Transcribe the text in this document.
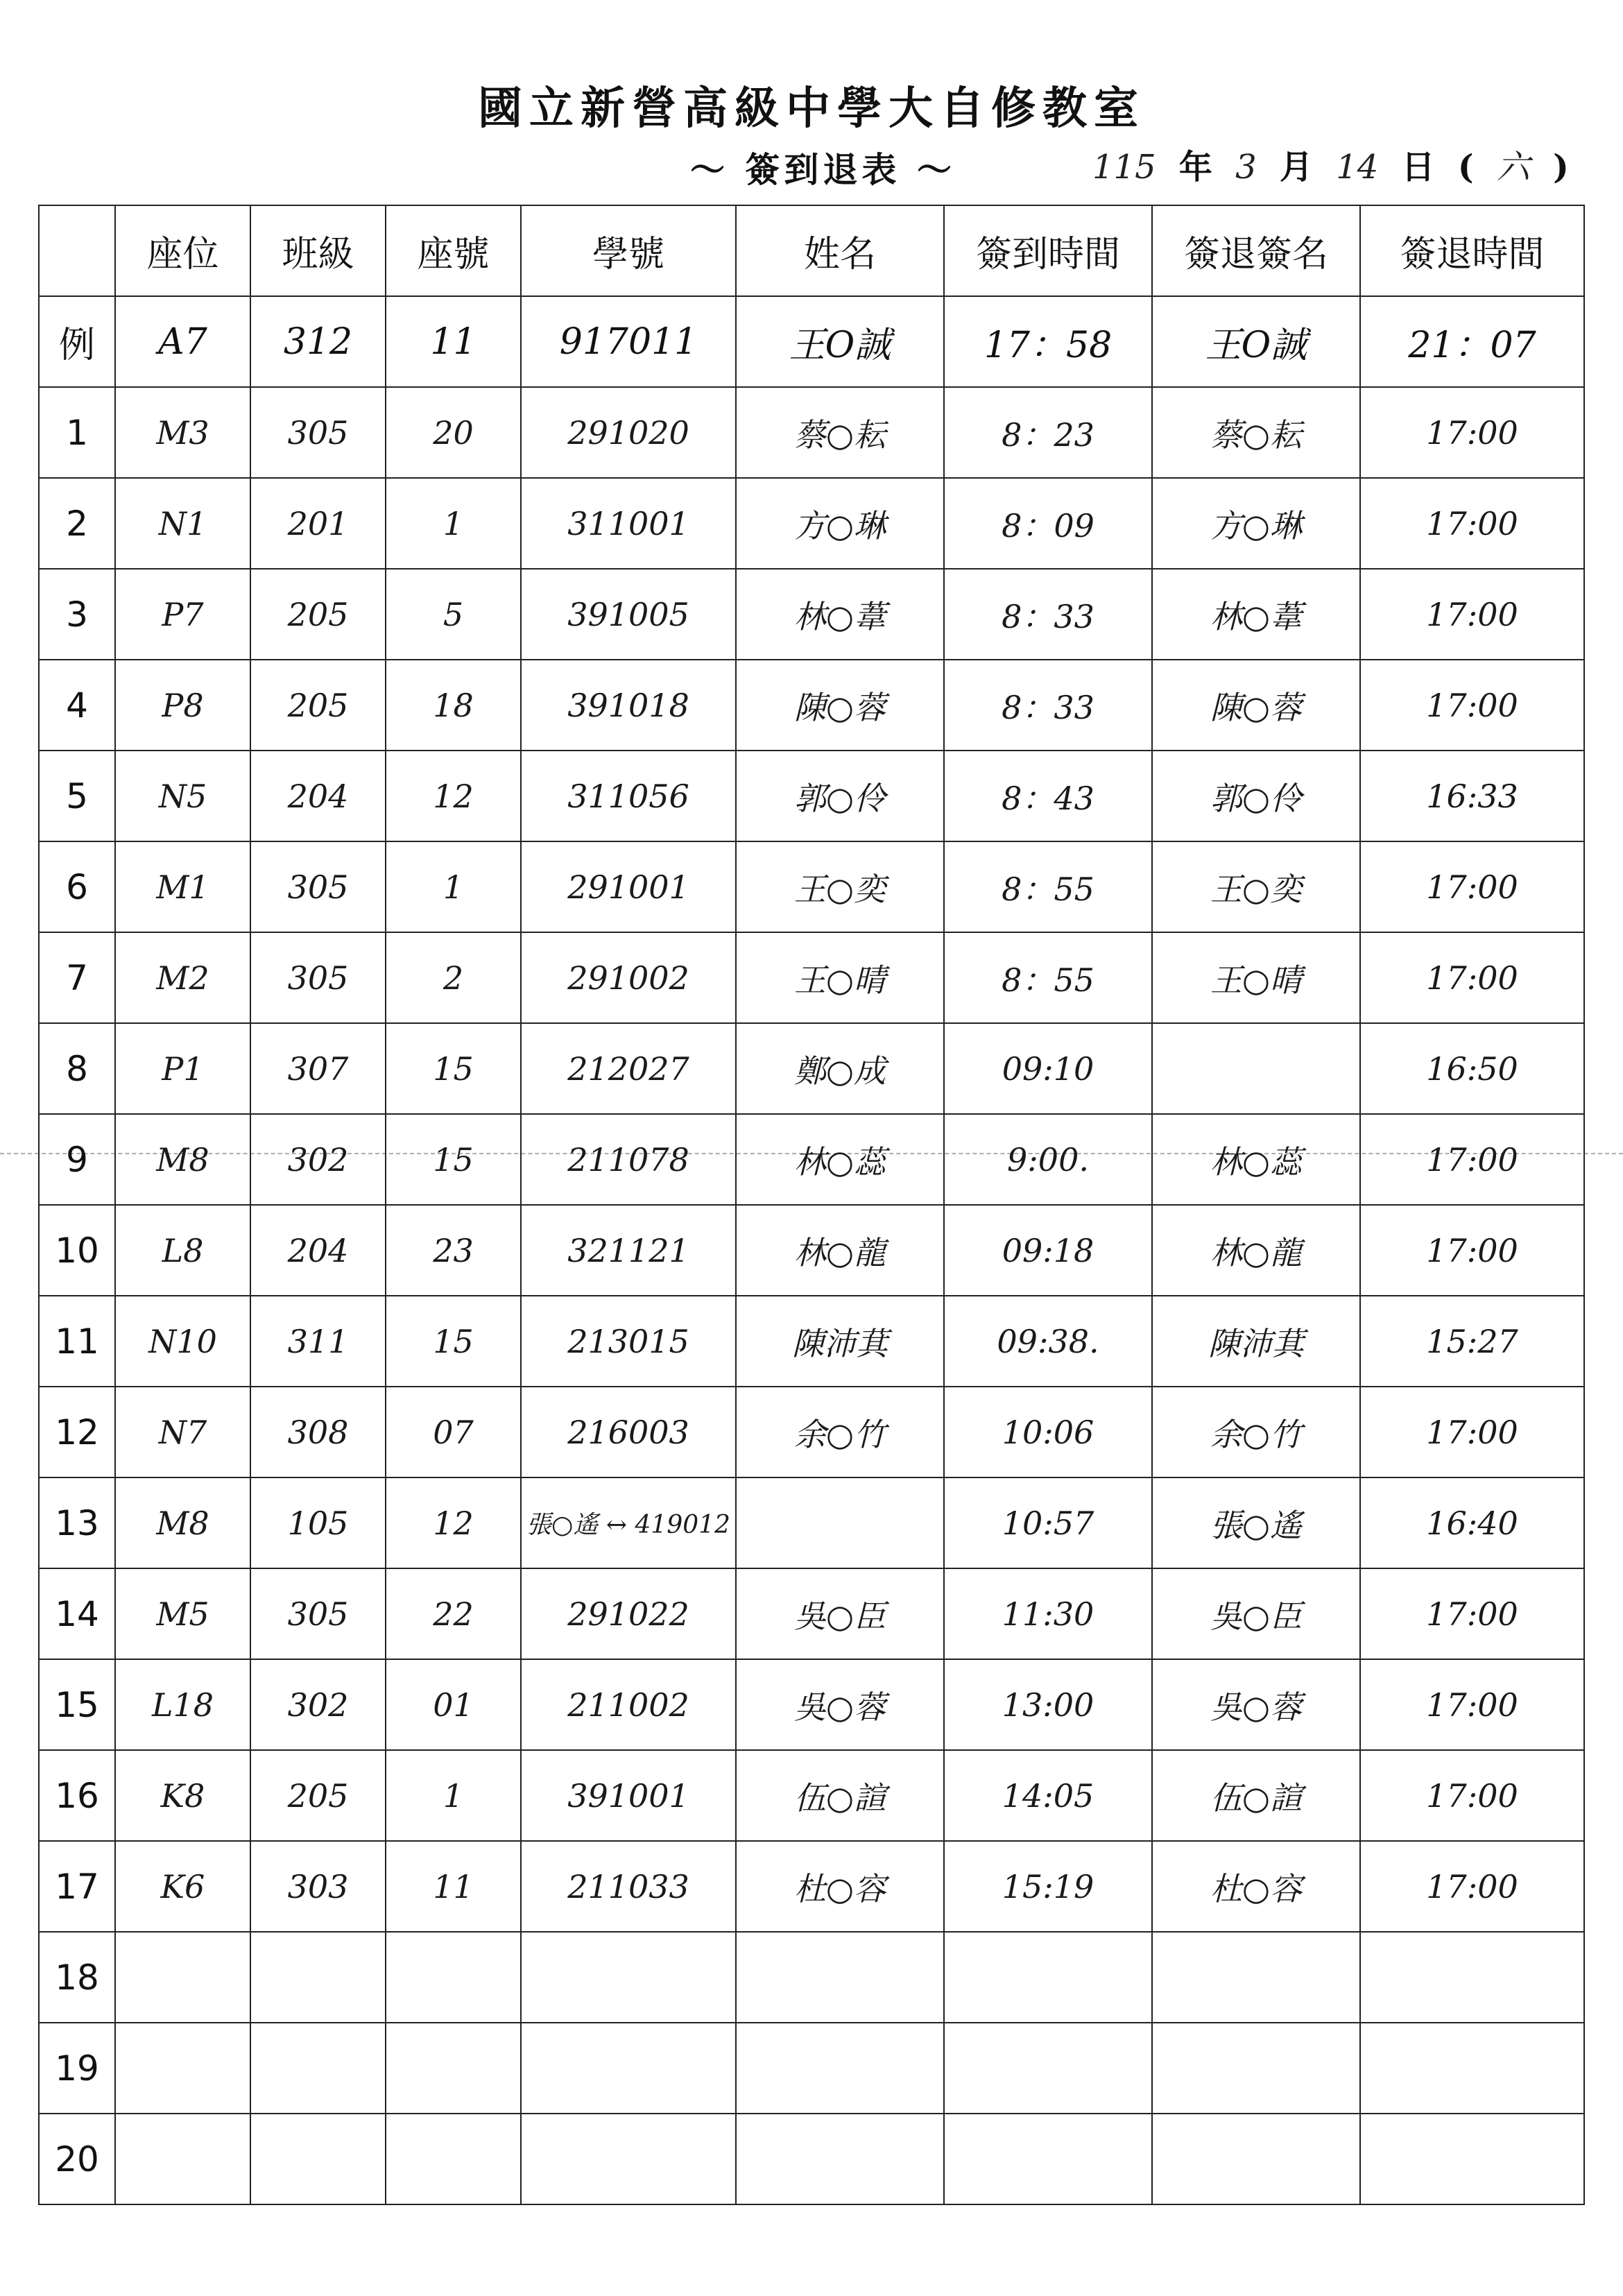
國立新營高級中學大自修教室
～ 簽到退表 ～	115 年 3 月 14 日 ( 六 )
	座位	班級	座號	學號	姓名	簽到時間	簽退簽名	簽退時間
例	A7	312	11	917011	王O誠	17：58	王O誠	21：07
1	M3	305	20	291020	蔡○耘	8：23	蔡○耘	17:00
2	N1	201	1	311001	方○琳	8：09	方○琳	17:00
3	P7	205	5	391005	林○葦	8：33	林○葦	17:00
4	P8	205	18	391018	陳○蓉	8：33	陳○蓉	17:00
5	N5	204	12	311056	郭○伶	8：43	郭○伶	16:33
6	M1	305	1	291001	王○奕	8：55	王○奕	17:00
7	M2	305	2	291002	王○晴	8：55	王○晴	17:00
8	P1	307	15	212027	鄭○成	09:10		16:50
9	M8	302	15	211078	林○蕊	9:00.	林○蕊	17:00
10	L8	204	23	321121	林○龍	09:18	林○龍	17:00
11	N10	311	15	213015	陳沛萁	09:38.	陳沛萁	15:27
12	N7	308	07	216003	余○竹	10:06	余○竹	17:00
13	M8	105	12	張○遙 ↔ 419012		10:57	張○遙	16:40
14	M5	305	22	291022	吳○臣	11:30	吳○臣	17:00
15	L18	302	01	211002	吳○蓉	13:00	吳○蓉	17:00
16	K8	205	1	391001	伍○諠	14:05	伍○諠	17:00
17	K6	303	11	211033	杜○容	15:19	杜○容	17:00
18								
19								
20								
